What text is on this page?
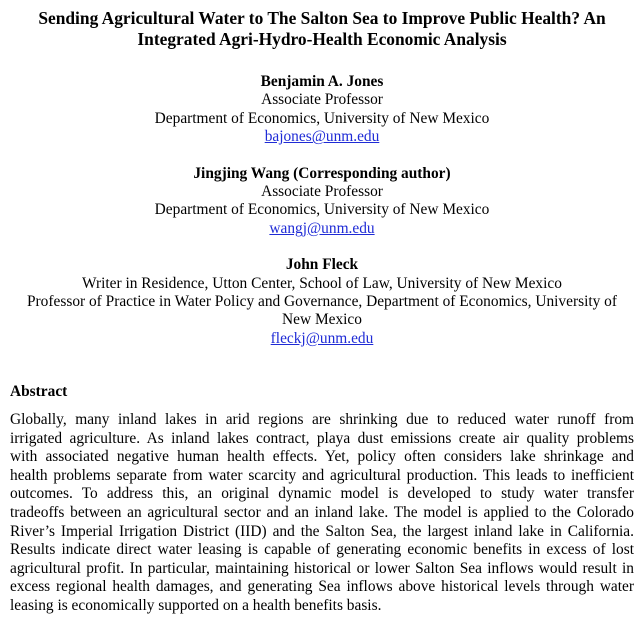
Sending Agricultural Water to The Salton Sea to Improve Public Health? An
Integrated Agri-Hydro-Health Economic Analysis
Benjamin A. Jones
Associate Professor
Department of Economics, University of New Mexico
bajones@unm.edu
Jingjing Wang (Corresponding author)
Associate Professor
Department of Economics, University of New Mexico
wangj@unm.edu
John Fleck
Writer in Residence, Utton Center, School of Law, University of New Mexico
Professor of Practice in Water Policy and Governance, Department of Economics, University of
New Mexico
fleckj@unm.edu
Abstract
Globally, many inland lakes in arid regions are shrinking due to reduced water runoff from
irrigated agriculture. As inland lakes contract, playa dust emissions create air quality problems
with associated negative human health effects. Yet, policy often considers lake shrinkage and
health problems separate from water scarcity and agricultural production. This leads to inefficient
outcomes. To address this, an original dynamic model is developed to study water transfer
tradeoffs between an agricultural sector and an inland lake. The model is applied to the Colorado
River’s Imperial Irrigation District (IID) and the Salton Sea, the largest inland lake in California.
Results indicate direct water leasing is capable of generating economic benefits in excess of lost
agricultural profit. In particular, maintaining historical or lower Salton Sea inflows would result in
excess regional health damages, and generating Sea inflows above historical levels through water
leasing is economically supported on a health benefits basis.
